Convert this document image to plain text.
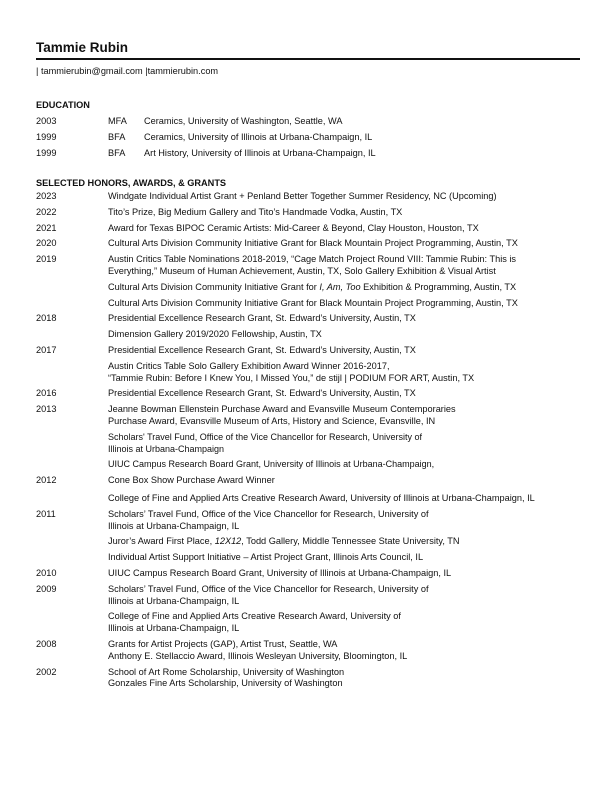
Tammie Rubin
| tammierubin@gmail.com |tammierubin.com
EDUCATION
2003	MFA	Ceramics, University of Washington, Seattle, WA
1999	BFA	Ceramics, University of Illinois at Urbana-Champaign, IL
1999	BFA	Art History, University of Illinois at Urbana-Champaign, IL
SELECTED HONORS, AWARDS, & GRANTS
2023	Windgate Individual Artist Grant + Penland Better Together Summer Residency, NC (Upcoming)
2022	Tito’s Prize, Big Medium Gallery and Tito’s Handmade Vodka, Austin, TX
2021	Award for Texas BIPOC Ceramic Artists: Mid-Career & Beyond, Clay Houston, Houston, TX
2020	Cultural Arts Division Community Initiative Grant for Black Mountain Project Programming, Austin, TX
2019	Austin Critics Table Nominations 2018-2019, “Cage Match Project Round VIII: Tammie Rubin: This is
Everything,” Museum of Human Achievement, Austin, TX, Solo Gallery Exhibition & Visual Artist
Cultural Arts Division Community Initiative Grant for I, Am, Too Exhibition & Programming, Austin, TX
Cultural Arts Division Community Initiative Grant for Black Mountain Project Programming, Austin, TX
2018	Presidential Excellence Research Grant, St. Edward’s University, Austin, TX
Dimension Gallery 2019/2020 Fellowship, Austin, TX
2017	Presidential Excellence Research Grant, St. Edward’s University, Austin, TX
Austin Critics Table Solo Gallery Exhibition Award Winner 2016-2017,
“Tammie Rubin: Before I Knew You, I Missed You,” de stijl | PODIUM FOR ART, Austin, TX
2016	Presidential Excellence Research Grant, St. Edward's University, Austin, TX
2013	Jeanne Bowman Ellenstein Purchase Award and Evansville Museum Contemporaries
Purchase Award, Evansville Museum of Arts, History and Science, Evansville, IN
Scholars' Travel Fund, Office of the Vice Chancellor for Research, University of
Illinois at Urbana-Champaign
UIUC Campus Research Board Grant, University of Illinois at Urbana-Champaign,
2012	Cone Box Show Purchase Award Winner
College of Fine and Applied Arts Creative Research Award, University of Illinois at Urbana-Champaign, IL
2011	Scholars’ Travel Fund, Office of the Vice Chancellor for Research, University of
Illinois at Urbana-Champaign, IL
Juror’s Award First Place, 12X12, Todd Gallery, Middle Tennessee State University, TN
Individual Artist Support Initiative – Artist Project Grant, Illinois Arts Council, IL
2010	UIUC Campus Research Board Grant, University of Illinois at Urbana-Champaign, IL
2009	Scholars’ Travel Fund, Office of the Vice Chancellor for Research, University of
Illinois at Urbana-Champaign, IL
College of Fine and Applied Arts Creative Research Award, University of
Illinois at Urbana-Champaign, IL
2008	Grants for Artist Projects (GAP), Artist Trust, Seattle, WA
Anthony E. Stellaccio Award, Illinois Wesleyan University, Bloomington, IL
2002	School of Art Rome Scholarship, University of Washington
Gonzales Fine Arts Scholarship, University of Washington
